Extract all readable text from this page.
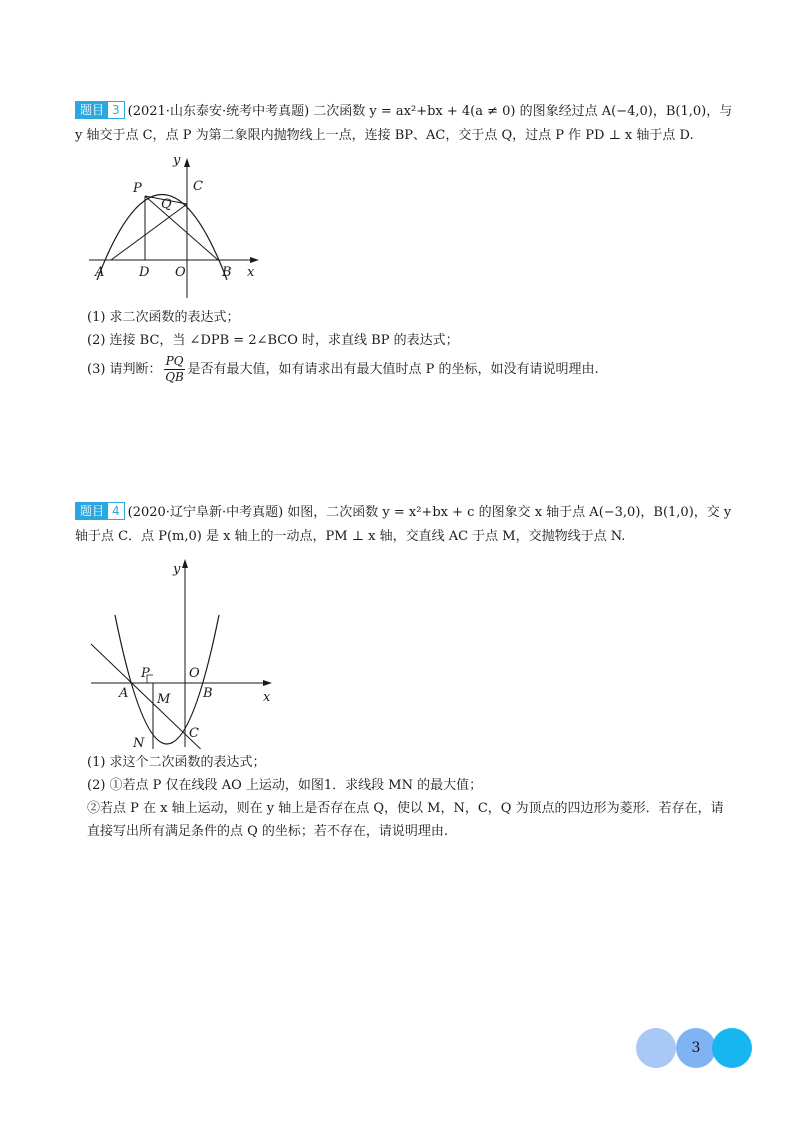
题目 3 (2021·山东泰安·统考中考真题) 二次函数 y = ax²+bx + 4(a ≠ 0) 的图象经过点 A(−4,0)，B(1,0)，与
y 轴交于点 C，点 P 为第二象限内抛物线上一点，连接 BP、AC，交于点 Q，过点 P 作 PD ⊥ x 轴于点 D.
y
x
P	C
Q
A	D O	B
(1) 求二次函数的表达式；
(2) 连接 BC，当 ∠DPB = 2∠BCO 时，求直线 BP 的表达式；
(3) 请判断： $\frac{PQ}{QB}$ 是否有最大值，如有请求出有最大值时点 P 的坐标，如没有请说明理由.
题目 4 (2020·辽宁阜新·中考真题) 如图，二次函数 y = x²+bx + c 的图象交 x 轴于点 A(−3,0)，B(1,0)，交 y
轴于点 C．点 P(m,0) 是 x 轴上的一动点，PM ⊥ x 轴，交直线 AC 于点 M，交抛物线于点 N.
y
x
P	O
B
A M
C
N
(1) 求这个二次函数的表达式；
(2) ①若点 P 仅在线段 AO 上运动，如图1．求线段 MN 的最大值；
②若点 P 在 x 轴上运动，则在 y 轴上是否存在点 Q，使以 M，N，C，Q 为顶点的四边形为菱形．若存在，请
直接写出所有满足条件的点 Q 的坐标；若不存在，请说明理由.
3
